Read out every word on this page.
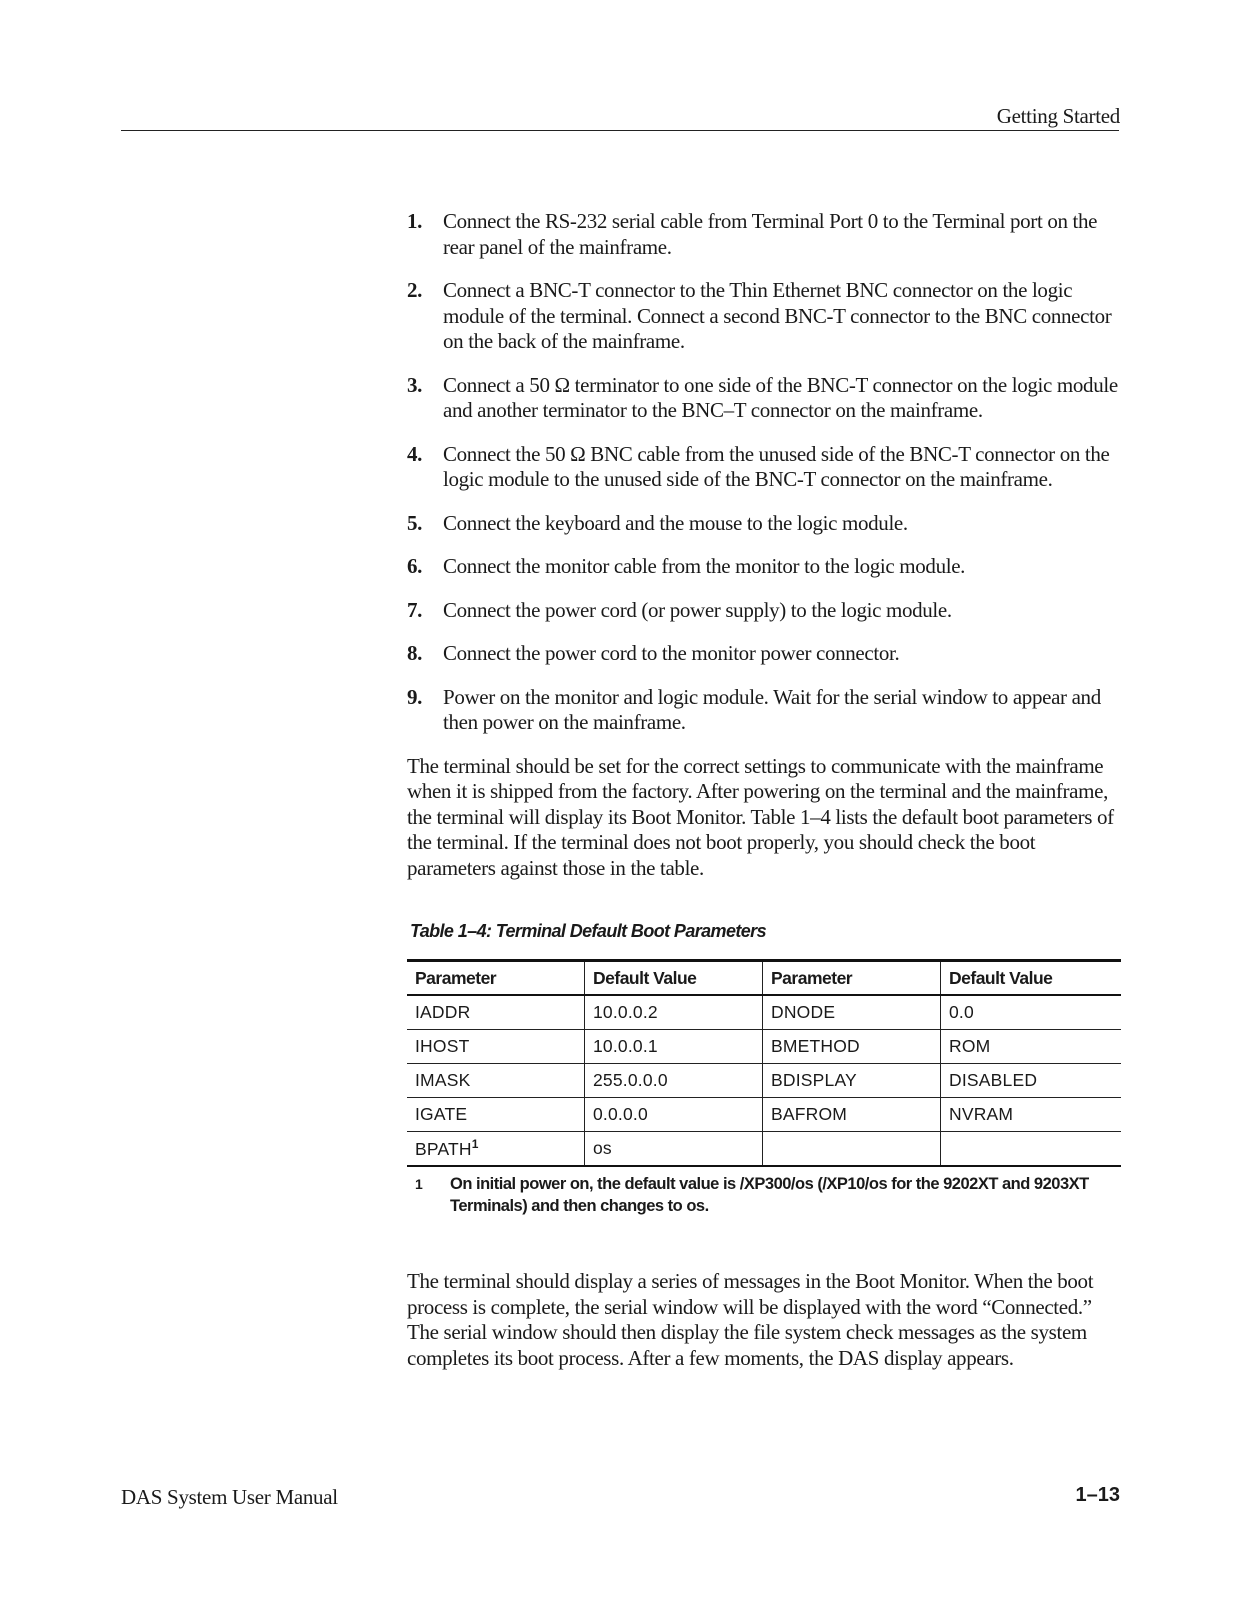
Getting Started
1. Connect the RS-232 serial cable from Terminal Port 0 to the Terminal port on the rear panel of the mainframe.
2. Connect a BNC-T connector to the Thin Ethernet BNC connector on the logic module of the terminal. Connect a second BNC-T connector to the BNC connector on the back of the mainframe.
3. Connect a 50 Ω terminator to one side of the BNC-T connector on the logic module and another terminator to the BNC–T connector on the mainframe.
4. Connect the 50 Ω BNC cable from the unused side of the BNC-T connector on the logic module to the unused side of the BNC-T connector on the mainframe.
5. Connect the keyboard and the mouse to the logic module.
6. Connect the monitor cable from the monitor to the logic module.
7. Connect the power cord (or power supply) to the logic module.
8. Connect the power cord to the monitor power connector.
9. Power on the monitor and logic module. Wait for the serial window to appear and then power on the mainframe.

The terminal should be set for the correct settings to communicate with the mainframe when it is shipped from the factory. After powering on the terminal and the mainframe, the terminal will display its Boot Monitor. Table 1–4 lists the default boot parameters of the terminal. If the terminal does not boot properly, you should check the boot parameters against those in the table.

Table 1–4: Terminal Default Boot Parameters
Parameter	Default Value	Parameter	Default Value
IADDR	10.0.0.2	DNODE	0.0
IHOST	10.0.0.1	BMETHOD	ROM
IMASK	255.0.0.0	BDISPLAY	DISABLED
IGATE	0.0.0.0	BAFROM	NVRAM
BPATH$^1$	os		
1	On initial power on, the default value is /XP300/os (/XP10/os for the 9202XT and 9203XT Terminals) and then changes to os.

The terminal should display a series of messages in the Boot Monitor. When the boot process is complete, the serial window will be displayed with the word “Connected.” The serial window should then display the file system check messages as the system completes its boot process. After a few moments, the DAS display appears.

DAS System User Manual	1–13
